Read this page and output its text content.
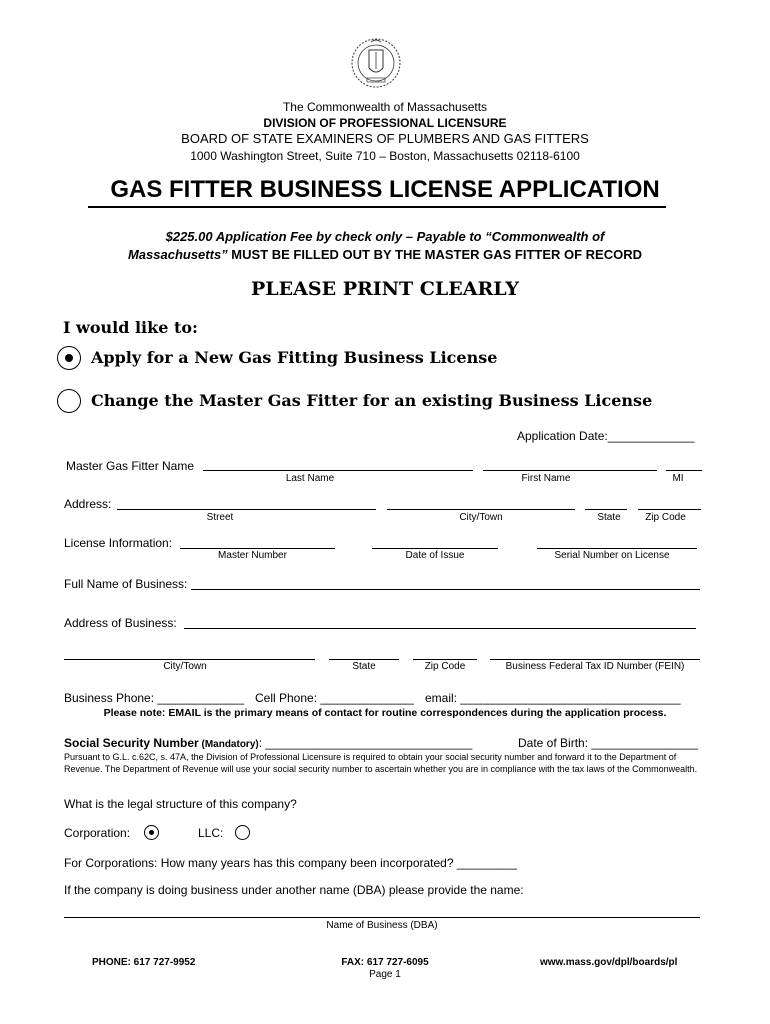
The Commonwealth of Massachusetts
DIVISION OF PROFESSIONAL LICENSURE
BOARD OF STATE EXAMINERS OF PLUMBERS AND GAS FITTERS
1000 Washington Street, Suite 710 – Boston, Massachusetts 02118-6100
GAS FITTER BUSINESS LICENSE APPLICATION
$225.00 Application Fee by check only – Payable to “Commonwealth of
Massachusetts” MUST BE FILLED OUT BY THE MASTER GAS FITTER OF RECORD
PLEASE PRINT CLEARLY
I would like to:
Apply for a New Gas Fitting Business License
Change the Master Gas Fitter for an existing Business License
Application Date:_____________
Master Gas Fitter Name
Last Name	First Name	MI
Address:
Street	City/Town	State	Zip Code
License Information:
Master Number	Date of Issue	Serial Number on License
Full Name of Business:
Address of Business:
City/Town	State	Zip Code	Business Federal Tax ID Number (FEIN)
Business Phone: _____________ Cell Phone: ______________ email: _________________________________
Please note: EMAIL is the primary means of contact for routine correspondences during the application process.
Social Security Number (Mandatory): _______________________________	Date of Birth: ________________
Pursuant to G.L. c.62C, s. 47A, the Division of Professional Licensure is required to obtain your social security number and forward it to the Department of Revenue. The Department of Revenue will use your social security number to ascertain whether you are in compliance with the tax laws of the Commonwealth.
What is the legal structure of this company?
Corporation:	LLC:
For Corporations: How many years has this company been incorporated? _________
If the company is doing business under another name (DBA) please provide the name:
Name of Business (DBA)
PHONE: 617 727-9952	FAX: 617 727-6095
Page 1
www.mass.gov/dpl/boards/pl
